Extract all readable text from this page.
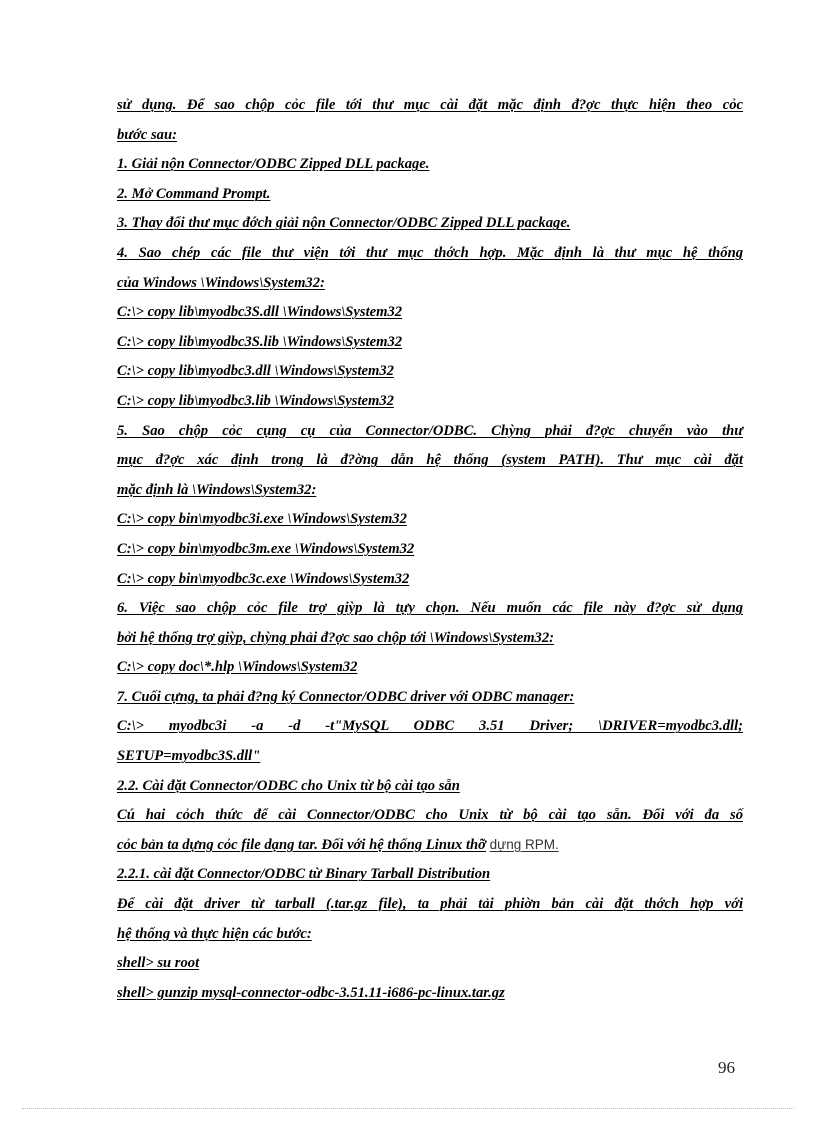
sử dụng. Để sao chộp cỏc file tới thư mục cài đặt mặc định đ?ợc thực hiện theo cỏc
bước sau:
1. Giải nộn Connector/ODBC Zipped DLL package.
2. Mở Command Prompt.
3. Thay đổi thư mục đớch giải nộn Connector/ODBC Zipped DLL package.
4. Sao chép các file thư viện tới thư mục thớch hợp. Mặc định là thư mục hệ thống
của Windows \Windows\System32:
C:\> copy lib\myodbc3S.dll \Windows\System32
C:\> copy lib\myodbc3S.lib \Windows\System32
C:\> copy lib\myodbc3.dll \Windows\System32
C:\> copy lib\myodbc3.lib \Windows\System32
5. Sao chộp cỏc cụng cụ của Connector/ODBC. Chỳng phải đ?ợc chuyển vào thư
mục đ?ợc xác định trong là đ?ờng dẫn hệ thống (system PATH). Thư mục cài đặt
mặc định là \Windows\System32:
C:\> copy bin\myodbc3i.exe \Windows\System32
C:\> copy bin\myodbc3m.exe \Windows\System32
C:\> copy bin\myodbc3c.exe \Windows\System32
6. Việc sao chộp cỏc file trợ giỳp là tựy chọn. Nếu muốn các file này đ?ợc sử dụng
bởi hệ thống trợ giỳp, chỳng phải đ?ợc sao chộp tới \Windows\System32:
C:\> copy doc\*.hlp \Windows\System32
7. Cuối cựng, ta phải đ?ng ký Connector/ODBC driver với ODBC manager:
C:\> myodbc3i -a -d -t"MySQL ODBC 3.51 Driver; \DRIVER=myodbc3.dll;
SETUP=myodbc3S.dll"
2.2. Cài đặt Connector/ODBC cho Unix từ bộ cài tạo sẵn
Cú hai cỏch thức để cài Connector/ODBC cho Unix từ bộ cài tạo sẵn. Đối với đa số
cỏc bản ta dựng cỏc file dạng tar. Đối với hệ thống Linux thỡ dựng RPM.
2.2.1. cài đặt Connector/ODBC từ Binary Tarball Distribution
Để cài đặt driver từ tarball (.tar.gz file), ta phải tải phiờn bản cài đặt thớch hợp với
hệ thống và thực hiện các bước:
shell> su root
shell> gunzip mysql-connector-odbc-3.51.11-i686-pc-linux.tar.gz
96
